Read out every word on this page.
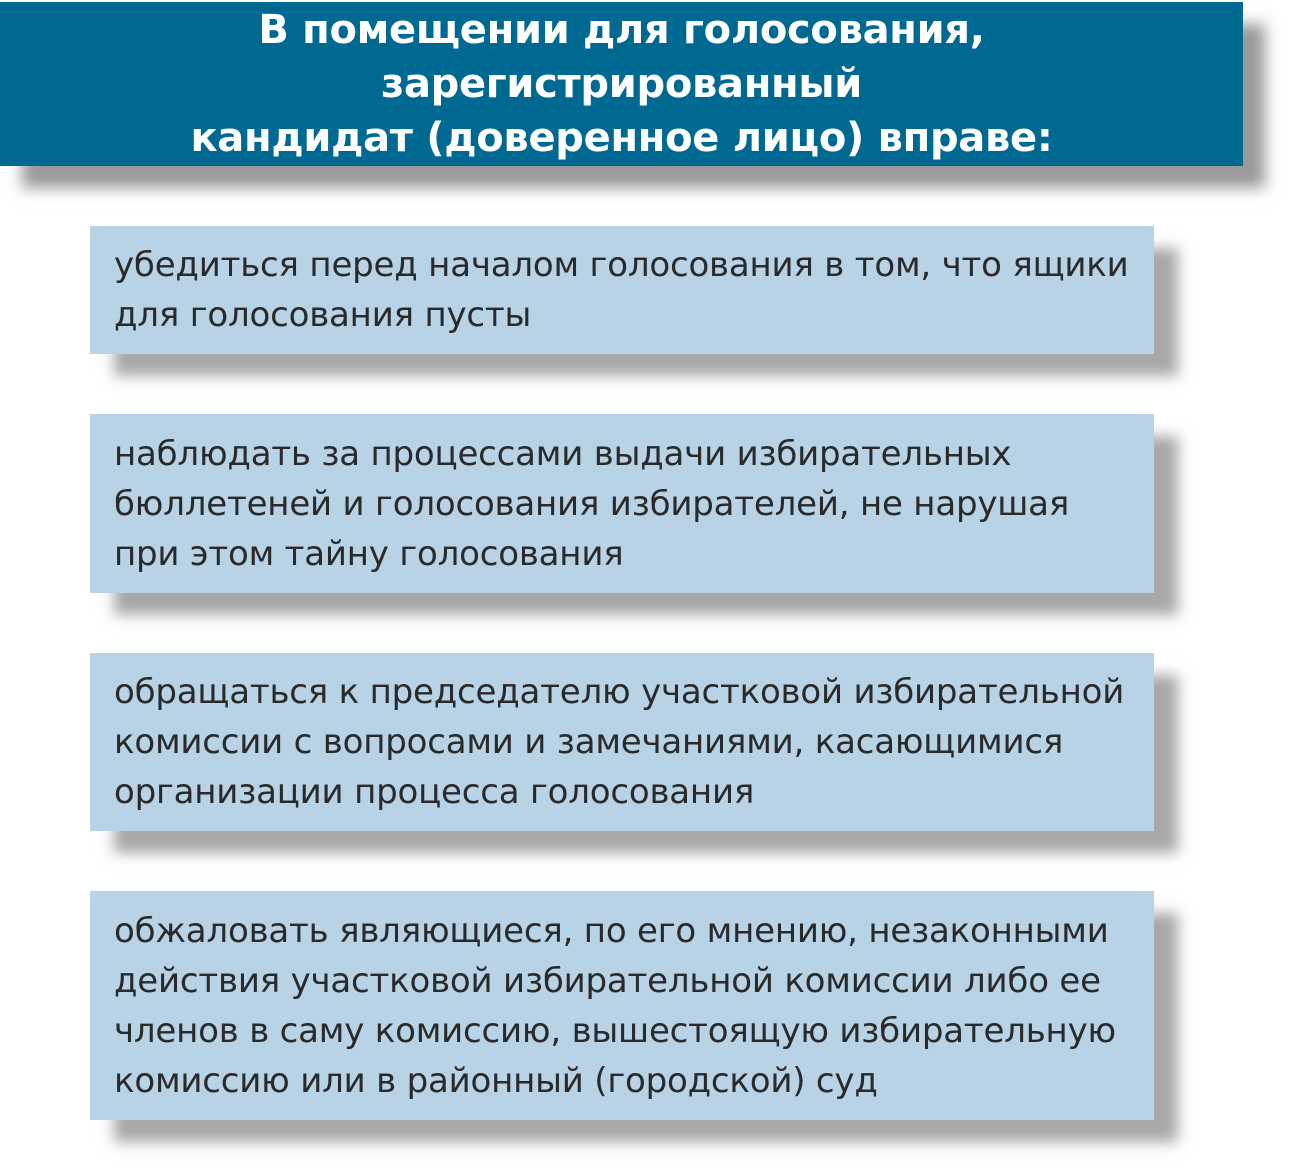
В помещении для голосования, зарегистрированный
кандидат (доверенное лицо) вправе:
убедиться перед началом голосования в том, что ящики
для голосования пусты
наблюдать за процессами выдачи избирательных
бюллетеней и голосования избирателей, не нарушая
при этом тайну голосования
обращаться к председателю участковой избирательной
комиссии с вопросами и замечаниями, касающимися
организации процесса голосования
обжаловать являющиеся, по его мнению, незаконными
действия участковой избирательной комиссии либо ее
членов в саму комиссию, вышестоящую избирательную
комиссию или в районный (городской) суд
